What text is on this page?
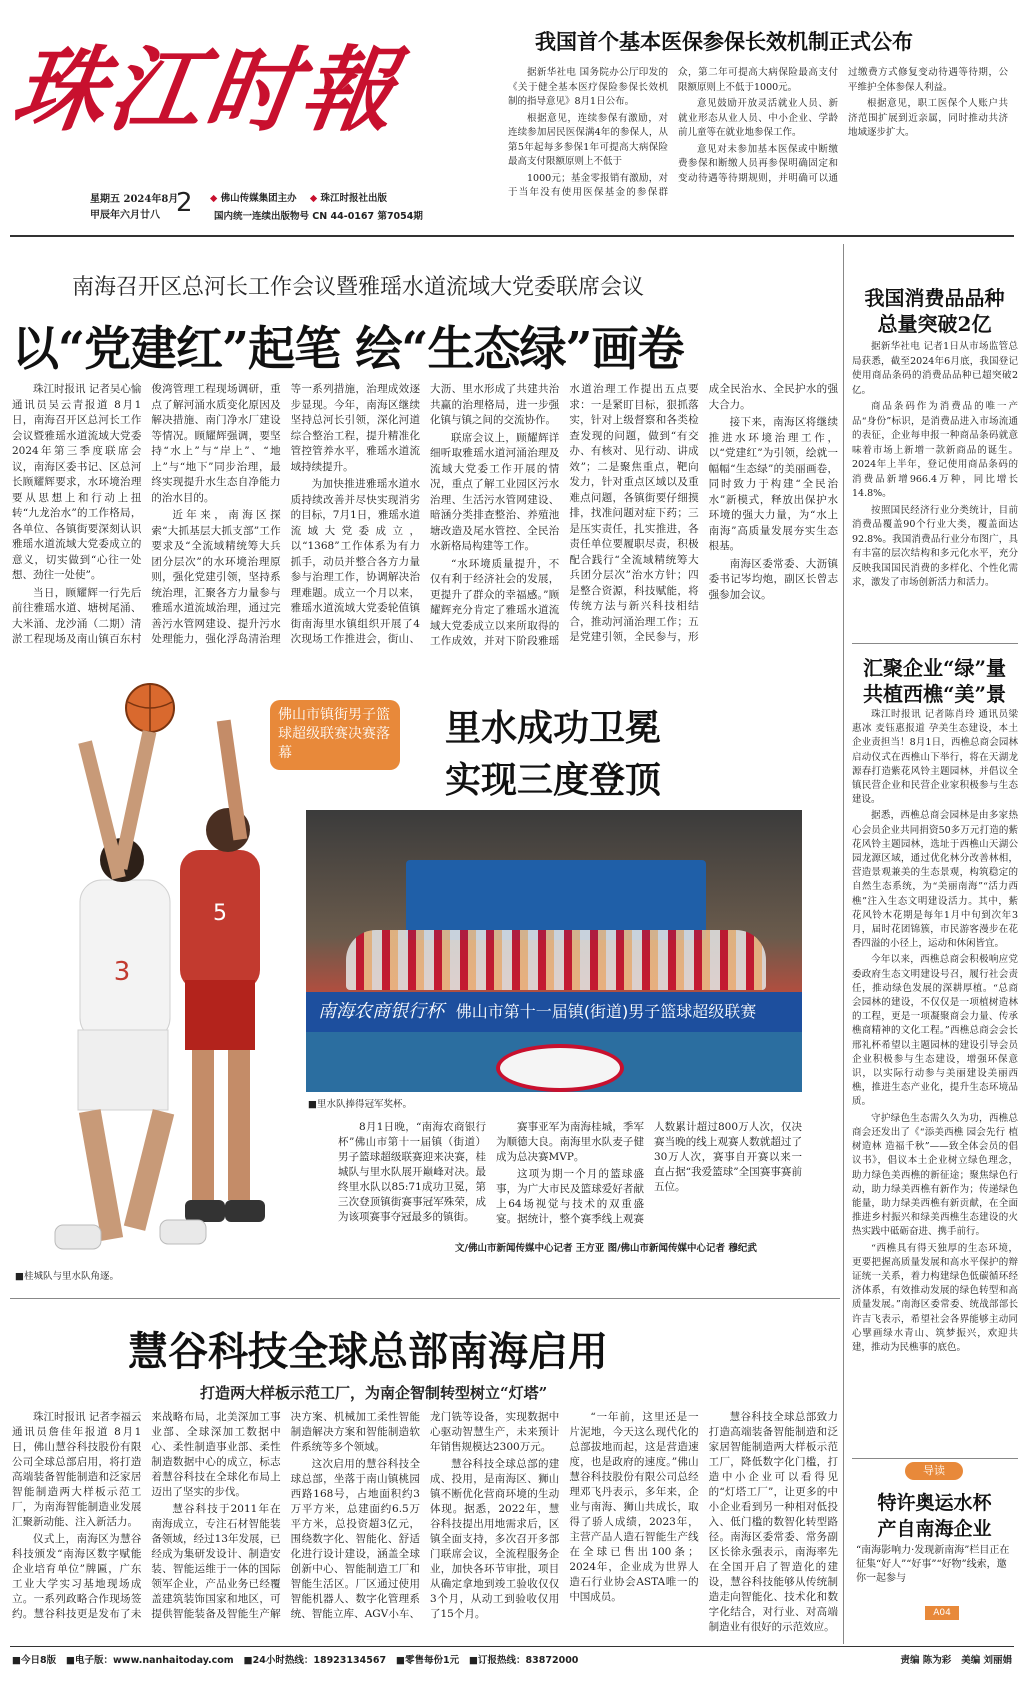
珠江时報
星期五 2024年8月
甲辰年六月廿八 2 ◆ 佛山传媒集团主办 ◆ 珠江时报社出版
国内统一连续出版物号 CN 44-0167 第7054期
我国首个基本医保参保长效机制正式公布

据新华社电 国务院办公厅印发的《关于健全基本医疗保险参保长效机制的指导意见》8月1日公布。

根据意见，连续参保有激励，对连续参加居民医保满4年的参保人，从第5年起每多参保1年可提高大病保险最高支付限额原则上不低于

1000元；基金零报销有激励，对于当年没有使用医保基金的参保群众，第二年可提高大病保险最高支付限额原则上不低于1000元。

意见鼓励开放灵活就业人员、新就业形态从业人员、中小企业、学龄前儿童等在就业地参保工作。

意见对未参加基本医保或中断缴费参保和断缴人员再参保明确固定和变动待遇等待期规则，并明确可以通过缴费方式修复变动待遇等待期，公平维护全体参保人利益。

根据意见，职工医保个人账户共济范围扩展到近亲属，同时推动共济地域逐步扩大。

南海召开区总河长工作会议暨雅瑶水道流域大党委联席会议
以“党建红”起笔 绘“生态绿”画卷

珠江时报讯 记者吴心愉 通讯员吴云青报道 8月1日，南海召开区总河长工作会议暨雅瑶水道流域大党委2024年第三季度联席会议，南海区委书记、区总河长顾耀辉要求，水环境治理要从思想上和行动上扭转“九龙治水”的工作格局，各单位、各镇街要深刻认识雅瑶水道流域大党委成立的意义，切实做到“心往一处想、劲往一处使”。

当日，顾耀辉一行先后前往雅瑶水道、塘树尾涌、大米涌、龙沙涌（二期）清淤工程现场及南山镇百东村俊湾管理工程现场调研，重点了解河涌水质变化原因及解决措施、南门净水厂建设等情况。顾耀辉强调，要坚持“水上”与“岸上”、“地上”与“地下”同步治理，最终实现提升水生态自净能力的治水目的。

近年来，南海区探索“大抓基层大抓支部”工作要求及“全流域精统筹大兵团分层次”的水环境治理原则，强化党建引领，坚持系统治理，汇聚各方力量参与雅瑶水道流域治理，通过完善污水管网建设、提升污水处理能力，强化浮岛清治理等一系列措施，治理成效逐步显现。今年，南海区继续坚持总河长引领，深化河道综合整治工程，提升精准化管控管养水平，雅瑶水道流域持续提升。

为加快推进雅瑶水道水质持续改善并尽快实现消劣的目标，7月1日，雅瑶水道流域大党委成立，以“1368”工作体系为有力抓手，动员并整合各方力量参与治理工作，协调解决治理难题。成立一个月以来，雅瑶水道流域大党委轮值镇街南海里水镇组织开展了4次现场工作推进会，街山、大沥、里水形成了共建共治共赢的治理格局，进一步强化镇与镇之间的交流协作。

联席会议上，顾耀辉详细听取雅瑶水道河涌治理及流域大党委工作开展的情况，重点了解工业园区污水治理、生活污水管网建设、暗涵分类排查整治、养殖池塘改造及尾水管控、全民治水新格局构建等工作。

“水环境质量提升，不仅有利于经济社会的发展，更提升了群众的幸福感。”顾耀辉充分肯定了雅瑶水道流域大党委成立以来所取得的工作成效，并对下阶段雅瑶水道治理工作提出五点要求：一是紧盯目标，狠抓落实，针对上级督察和各类检查发现的问题，做到“有交办、有核对、见行动、讲成效”；二是聚焦重点，靶向发力，针对重点区域以及重难点问题，各镇街要仔细摸排，找准问题对症下药；三是压实责任，扎实推进，各责任单位要履职尽责，积极配合践行“全流域精统筹大兵团分层次”治水方针；四是整合资源，科技赋能，将传统方法与新兴科技相结合，推动河涌治理工作；五是党建引领，全民参与，形成全民治水、全民护水的强大合力。

接下来，南海区将继续推进水环境治理工作，以“党建红”为引领，绘就一幅幅“生态绿”的美丽画卷，同时致力于构建“全民治水”新模式，释放出保护水环境的强大力量，为“水上南海”高质量发展夯实生态根基。

南海区委常委、大沥镇委书记岑均炮，副区长曾志强参加会议。

3
5
■桂城队与里水队角逐。
佛山市镇街男子篮球超级联赛决赛落幕
里水成功卫冕
实现三度登顶
南海农商银行杯 佛山市第十一届镇(街道)男子篮球超级联赛
■里水队捧得冠军奖杯。

8月1日晚，“南海农商银行杯”佛山市第十一届镇（街道）男子篮球超级联赛迎来决赛，桂城队与里水队展开巅峰对决。最终里水队以85:71成功卫冕，第三次登顶镇街赛事冠军殊荣，成为该项赛事夺冠最多的镇街。

赛事亚军为南海桂城，季军为顺德大良。南海里水队麦子健成为总决赛MVP。

这项为期一个月的篮球盛事，为广大市民及篮球爱好者献上64场视觉与技术的双重盛宴。据统计，整个赛季线上观赛人数累计超过800万人次，仅决赛当晚的线上观赛人数就超过了30万人次，赛事自开赛以来一直占据“我爱篮球”全国赛事赛前五位。

文/佛山市新闻传媒中心记者 王方亚 图/佛山市新闻传媒中心记者 穆纪武
慧谷科技全球总部南海启用
打造两大样板示范工厂，为南企智制转型树立“灯塔”

珠江时报讯 记者李福云 通讯员詹佳年报道 8月1日，佛山慧谷科技股份有限公司全球总部启用，将打造高端装备智能制造和泛家居智能制造两大样板示范工厂，为南海智能制造业发展汇聚新动能、注入新活力。

仪式上，南海区为慧谷科技颁发“南海区数字赋能企业培育单位”牌匾，广东工业大学实习基地现场成立。一系列政略合作现场签约。慧谷科技更是发布了未来战略布局，北美深加工事业部、全球深加工数据中心、柔性制造事业部、柔性制造数据中心的成立，标志着慧谷科技在全球化布局上迈出了坚实的步伐。

慧谷科技于2011年在南海成立，专注石材智能装备领域，经过13年发展，已经成为集研发设计、制造安装、智能运维于一体的国际领军企业，产品业务已经覆盖建筑装饰国家和地区，可提供智能装备及智能生产解决方案、机械加工柔性智能制造解决方案和智能制造软件系统等多个领域。

这次启用的慧谷科技全球总部，坐落于南山镇桃园西路168号，占地面积约3万平方米，总建面约6.5万平方米，总投资超3亿元，围绕数字化、智能化、舒适化进行设计建设，涵盖全球创新中心、智能制造工厂和智能生活区。厂区通过使用智能机器人、数字化管理系统、智能立库、AGV小车、龙门铣等设备，实现数据中心驱动智慧生产，未来预计年销售规模达2300万元。

慧谷科技全球总部的建成、投用，是南海区、狮山镇不断优化营商环境的生动体现。据悉，2022年，慧谷科技提出用地需求后，区镇全面支持，多次召开多部门联席会议，全流程服务企业，加快各环节审批，项目从确定拿地到竣工验收仅仅3个月，从动工到验收仅用了15个月。

“一年前，这里还是一片泥地，今天这么现代化的总部拔地而起，这是营造速度，也是政府的速度。”佛山慧谷科技股份有限公司总经理邓飞丹表示，多年来，企业与南海、狮山共成长，取得了骄人成绩，2023年，主营产品人造石智能生产线在全球已售出100条；2024年，企业成为世界人造石行业协会ASTA唯一的中国成员。

慧谷科技全球总部致力打造高端装备智能制造和泛家居智能制造两大样板示范工厂，降低数字化门槛，打造中小企业可以看得见的“灯塔工厂”，让更多的中小企业看到另一种相对低投入、低门槛的数智化转型路径。南海区委常委、常务副区长徐永强表示，南海率先在全国开启了智造化的建设，慧谷科技能够从传统制造走向智能化、技术化和数字化结合，对行业、对高端制造业有很好的示范效应。

我国消费品品种
总量突破2亿

据新华社电 记者1日从市场监管总局获悉，截至2024年6月底，我国登记使用商品条码的消费品品种已超突破2亿。

商品条码作为消费品的唯一产品“身份”标识，是消费品进入市场流通的表征，企业每申报一种商品条码就意味着市场上新增一款新商品的诞生。2024年上半年，登记使用商品条码的消费品新增966.4万种，同比增长14.8%。

按照国民经济行业分类统计，目前消费品覆盖90个行业大类，覆盖面达92.8%。我国消费品行业分布图广，具有丰富的层次结构和多元化水平，充分反映我国国民消费的多样化、个性化需求，激发了市场创新活力和活力。

汇聚企业“绿”量
共植西樵“美”景

珠江时报讯 记者陈肖玲 通讯员梁惠冰 麦钰惠报道 孕美生态建设，本土企业责担当！8月1日，西樵总商会园林启动仪式在西樵山下举行，将在天湖龙源春打造紫花风铃主题园林，并倡议全镇民营企业和民营企业家积极参与生态建设。

据悉，西樵总商会园林是由多家热心会员企业共同捐资50多万元打造的紫花风铃主题园林，选址于西樵山天湖公园龙源区域，通过优化林分改善林相，营造景观兼美的生态景观，构筑稳定的自然生态系统，为“美丽南海”“活力西樵”注入生态文明建设活力。其中，紫花风铃木花期是每年1月中旬到次年3月，届时花团锦簇，市民游客漫步在花香四溢的小径上，运动和休闲皆宜。

今年以来，西樵总商会积极响应党委政府生态文明建设号召，履行社会责任，推动绿色发展的深耕厚植。“总商会园林的建设，不仅仅是一项植树造林的工程，更是一项凝聚商会力量、传承樵商精神的文化工程。”西樵总商会会长邢礼杯希望以主题园林的建设引导会员企业积极参与生态建设，增强环保意识，以实际行动参与美丽建设美丽西樵，推进生态产业化，提升生态环境品质。

守护绿色生态需久久为功，西樵总商会还发出了《“添美西樵 园会先行 植树造林 造福千秋”——致全体会员的倡议书》，倡议本土企业树立绿色理念，助力绿色美西樵的新征途；聚焦绿色行动，助力绿美西樵有新作为；传递绿色能量，助力绿美西樵有新贡献，在全面推进乡村振兴和绿美西樵生态建设的火热实践中砥砺奋进、携手前行。

“西樵具有得天独厚的生态环境，更要把握高质量发展和高水平保护的辩证统一关系，着力构建绿色低碳循环经济体系，有效推动发展的绿色转型和高质量发展。”南海区委常委、统战部部长许吉飞表示，希望社会各界能够主动同心擘画绿水青山、筑梦振兴，欢迎共建，推动为民樵事的底色。

导读
特许奥运水杯
产自南海企业
“南海影响力·发现新南海”栏目正在征集“好人”“好事”“好物”线索，邀你一起参与
A04
■今日8版 ■电子版：www.nanhaitoday.com ■24小时热线：18923134567 ■零售每份1元 ■订报热线：83872000	责编 陈为彩 美编 刘丽娟
